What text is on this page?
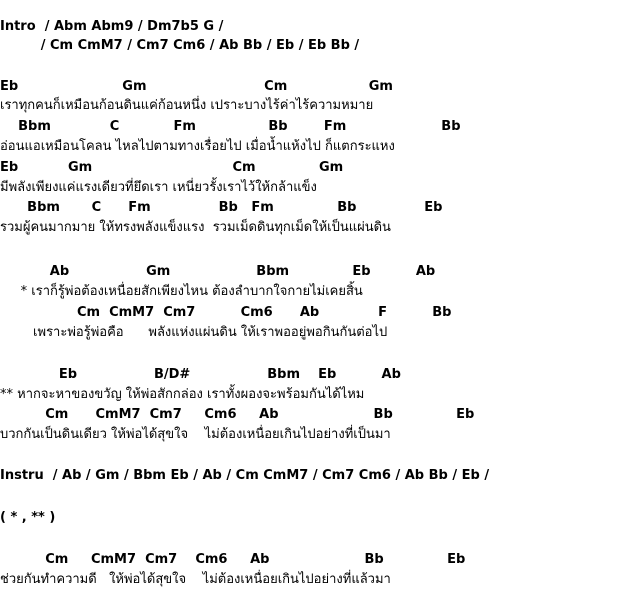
Intro  / Abm Abm9 / Dm7b5 G /
/ Cm CmM7 / Cm7 Cm6 / Ab Bb / Eb / Eb Bb /
Eb                       Gm                          Cm                  Gm
เราทุกคนก็เหมือนก้อนดินแค่ก้อนหนึ่ง เปราะบางไร้ค่าไร้ความหมาย
Bbm             C            Fm                Bb        Fm                     Bb
อ่อนแอเหมือนโคลน ไหลไปตามทางเรื่อยไป เมื่อน้ำแห้งไป ก็แตกระแหง
Eb           Gm                               Cm              Gm
มีพลังเพียงแค่แรงเดียวที่ยึดเรา เหนี่ยวรั้งเราไว้ให้กล้าแข็ง
Bbm       C      Fm               Bb   Fm              Bb               Eb
รวมผู้คนมากมาย ให้ทรงพลังแข็งแรง  รวมเม็ดดินทุกเม็ดให้เป็นแผ่นดิน
Ab                 Gm                   Bbm              Eb          Ab
* เราก็รู้พ่อต้องเหนื่อยสักเพียงไหน ต้องลำบากใจกายไม่เคยสิ้น
Cm  CmM7  Cm7          Cm6      Ab             F          Bb
เพราะพ่อรู้พ่อคือ      พลังแห่งแผ่นดิน ให้เราพออยู่พอกินกันต่อไป
Eb                 B/D#                 Bbm    Eb          Ab
** หากจะหาของขวัญ ให้พ่อสักกล่อง เราทั้งผองจะพร้อมกันได้ไหม
Cm      CmM7  Cm7     Cm6     Ab                     Bb              Eb
บวกกันเป็นดินเดียว ให้พ่อได้สุขใจ    ไม่ต้องเหนื่อยเกินไปอย่างที่เป็นมา
Instru  / Ab / Gm / Bbm Eb / Ab / Cm CmM7 / Cm7 Cm6 / Ab Bb / Eb /
( * , ** )
Cm     CmM7  Cm7    Cm6     Ab                     Bb              Eb
ช่วยกันทำความดี   ให้พ่อได้สุขใจ    ไม่ต้องเหนื่อยเกินไปอย่างที่แล้วมา
